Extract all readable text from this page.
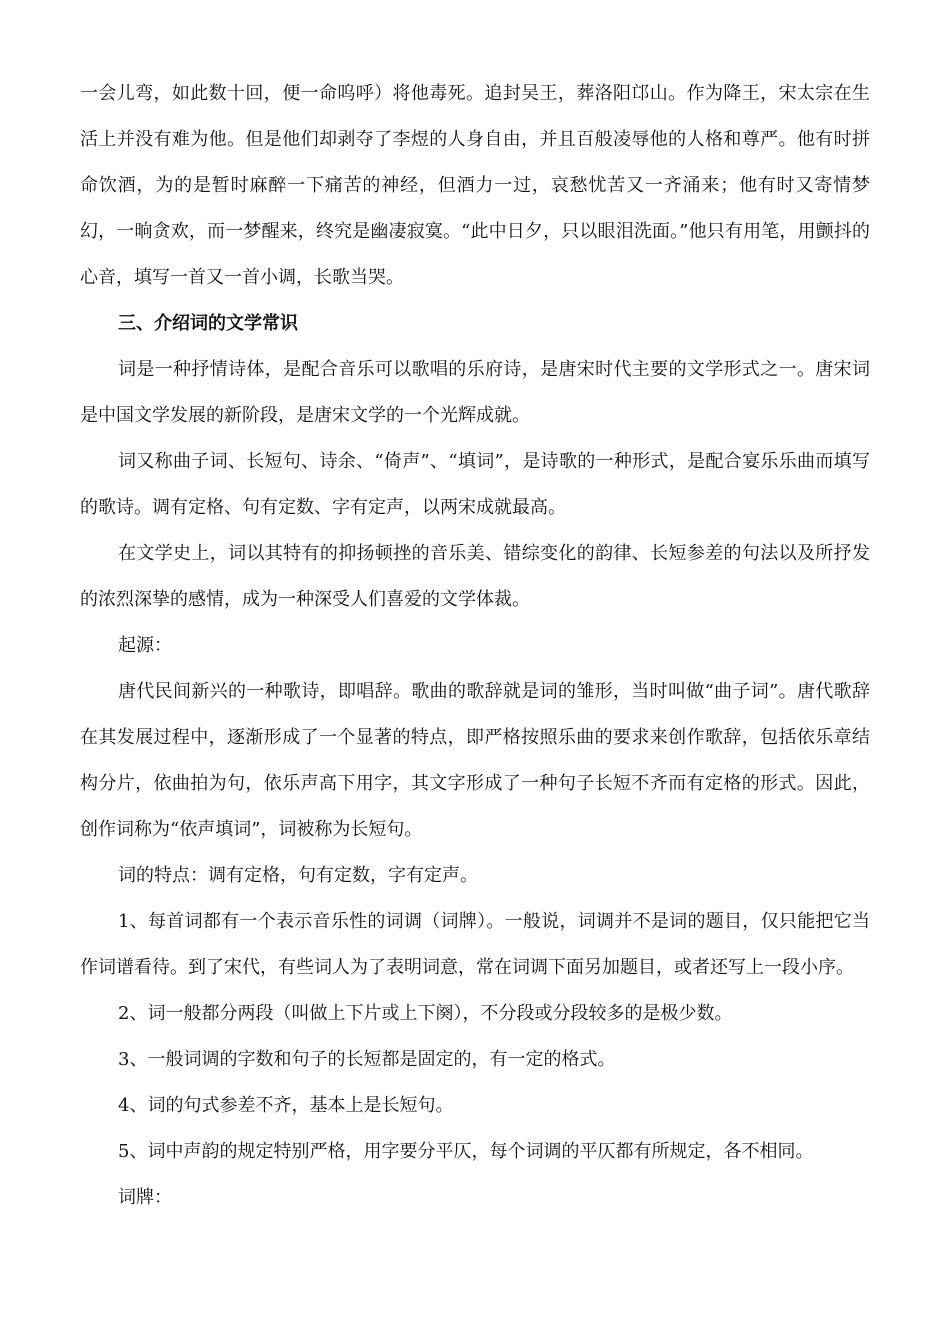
一会儿弯，如此数十回，便一命呜呼）将他毒死。追封吴王，葬洛阳邙山。作为降王，宋太宗在生活上并没有难为他。但是他们却剥夺了李煜的人身自由，并且百般凌辱他的人格和尊严。他有时拼命饮酒，为的是暂时麻醉一下痛苦的神经，但酒力一过，哀愁忧苦又一齐涌来；他有时又寄情梦幻，一晌贪欢，而一梦醒来，终究是幽凄寂寞。“此中日夕，只以眼泪洗面。”他只有用笔，用颤抖的心音，填写一首又一首小调，长歌当哭。

三、介绍词的文学常识

词是一种抒情诗体，是配合音乐可以歌唱的乐府诗，是唐宋时代主要的文学形式之一。唐宋词是中国文学发展的新阶段，是唐宋文学的一个光辉成就。

词又称曲子词、长短句、诗余、“倚声”、“填词”，是诗歌的一种形式，是配合宴乐乐曲而填写的歌诗。调有定格、句有定数、字有定声，以两宋成就最高。

在文学史上，词以其特有的抑扬顿挫的音乐美、错综变化的韵律、长短参差的句法以及所抒发的浓烈深挚的感情，成为一种深受人们喜爱的文学体裁。

起源：

唐代民间新兴的一种歌诗，即唱辞。歌曲的歌辞就是词的雏形，当时叫做“曲子词”。唐代歌辞在其发展过程中，逐渐形成了一个显著的特点，即严格按照乐曲的要求来创作歌辞，包括依乐章结构分片，依曲拍为句，依乐声高下用字，其文字形成了一种句子长短不齐而有定格的形式。因此，创作词称为“依声填词”，词被称为长短句。

词的特点：调有定格，句有定数，字有定声。

1、每首词都有一个表示音乐性的词调（词牌）。一般说，词调并不是词的题目，仅只能把它当作词谱看待。到了宋代，有些词人为了表明词意，常在词调下面另加题目，或者还写上一段小序。

2、词一般都分两段（叫做上下片或上下阕），不分段或分段较多的是极少数。

3、一般词调的字数和句子的长短都是固定的，有一定的格式。

4、词的句式参差不齐，基本上是长短句。

5、词中声韵的规定特别严格，用字要分平仄，每个词调的平仄都有所规定，各不相同。

词牌：
